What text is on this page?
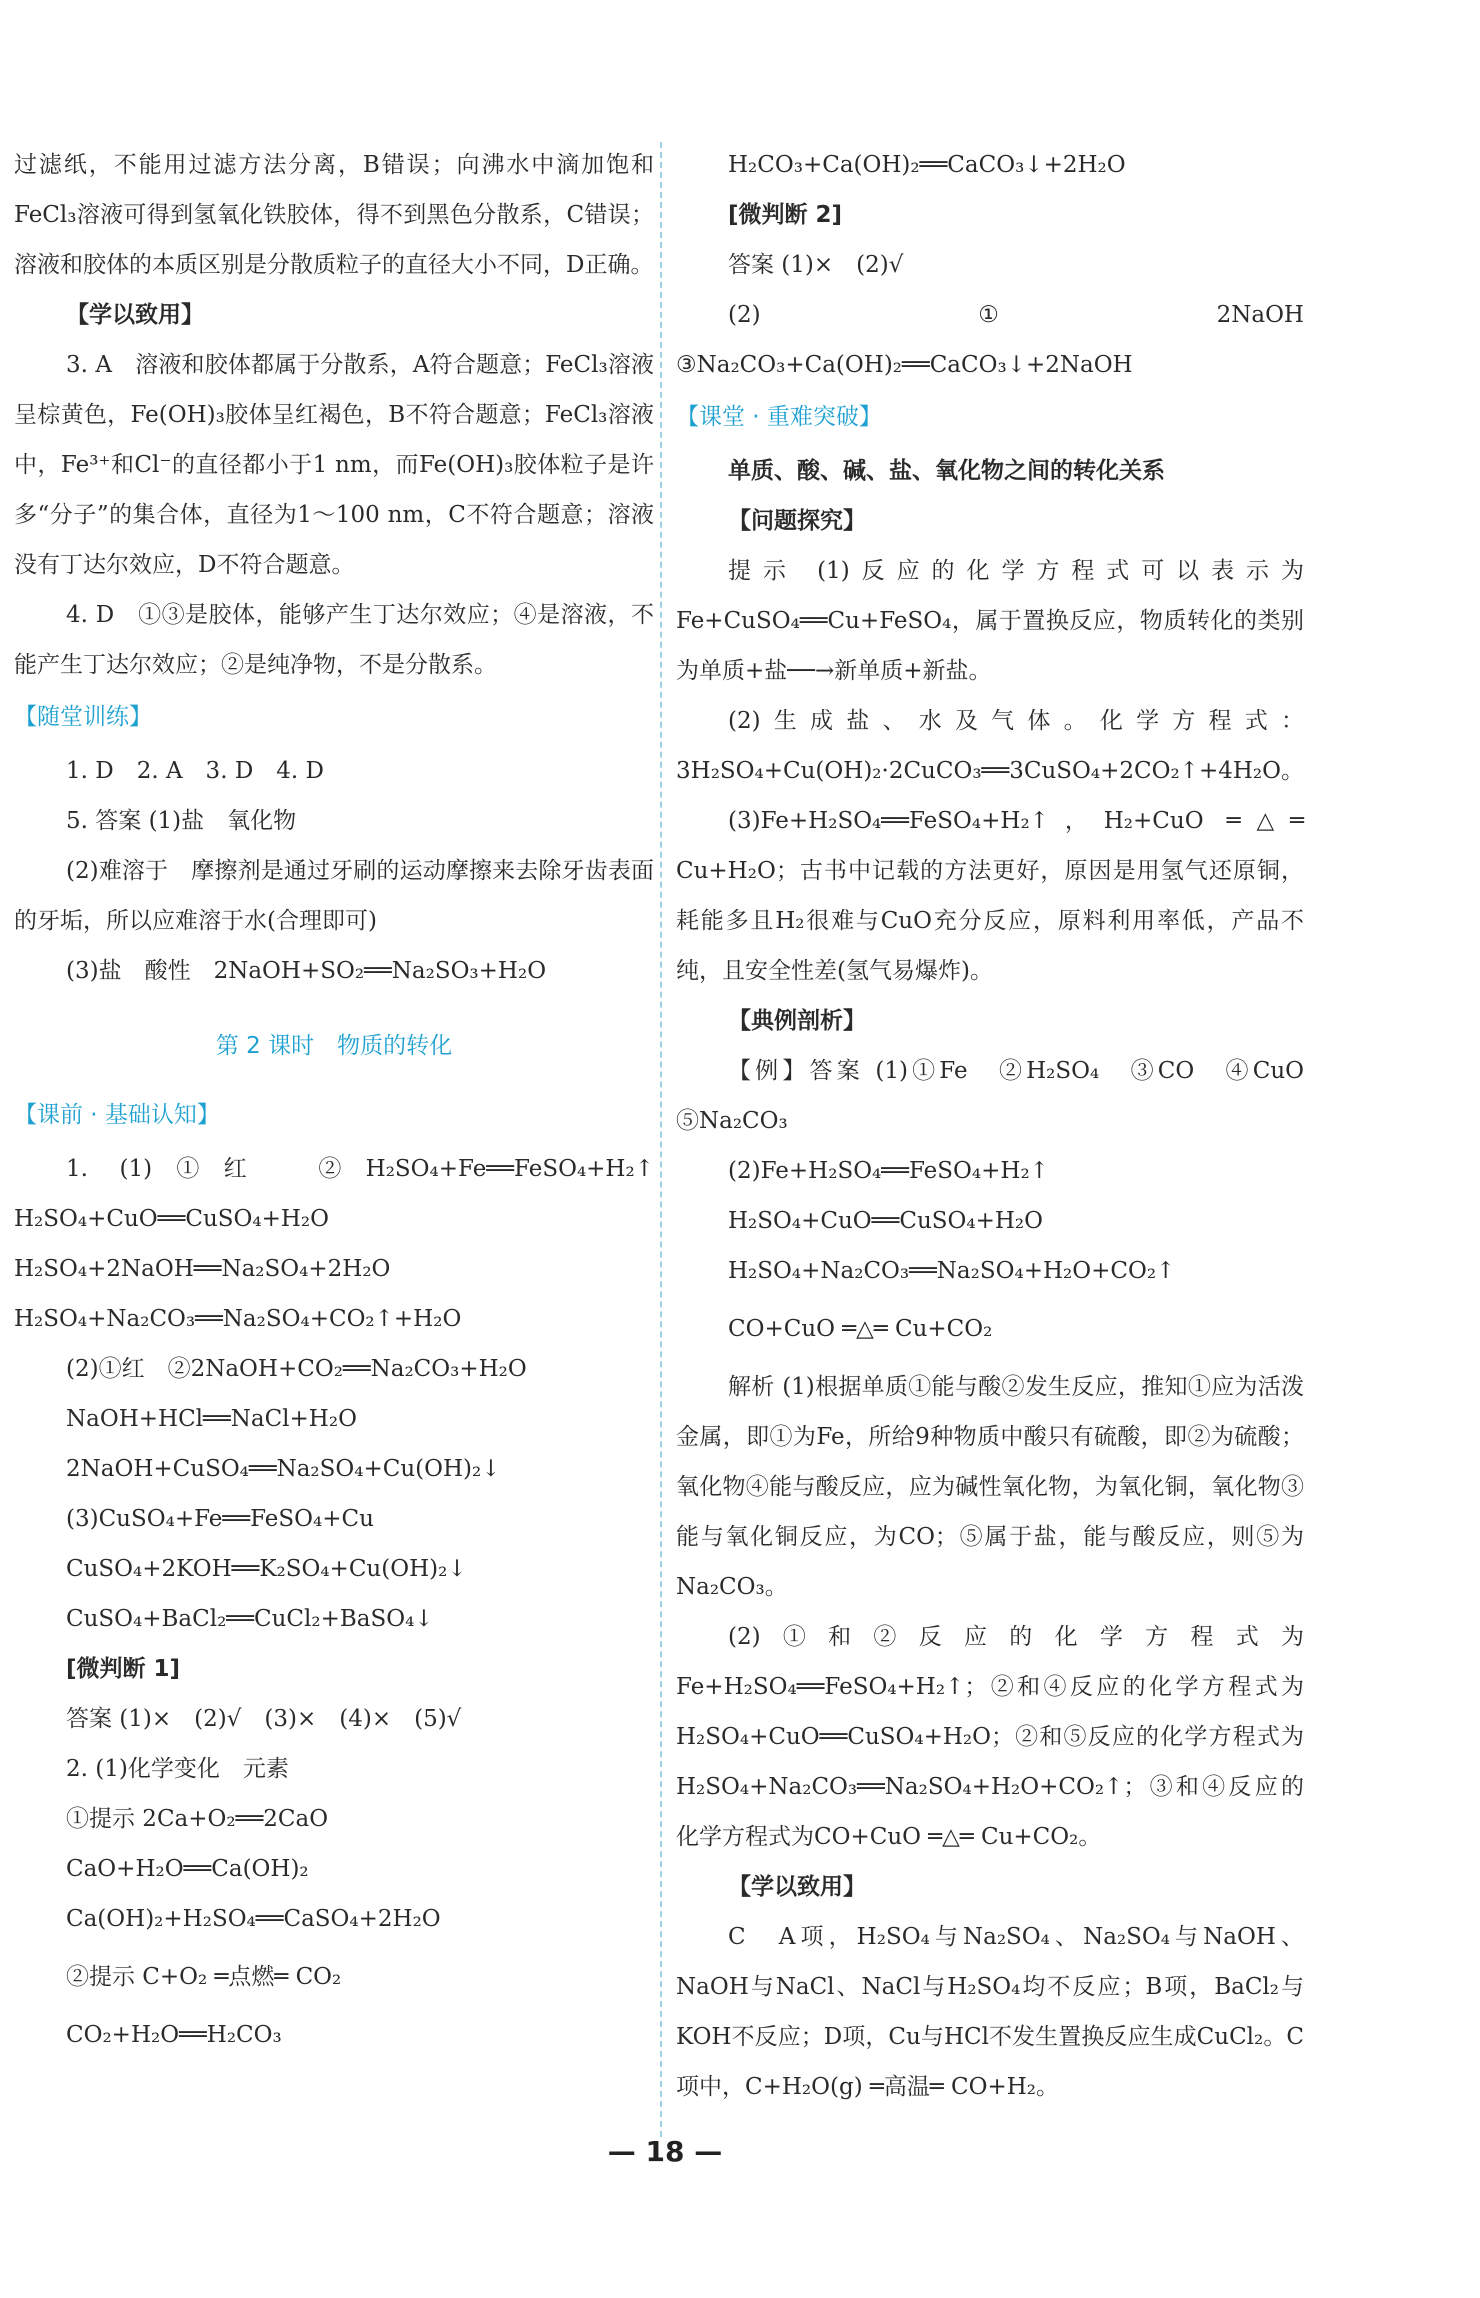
过滤纸，不能用过滤方法分离，B错误；向沸水中滴加饱和FeCl₃溶液可得到氢氧化铁胶体，得不到黑色分散系，C错误；溶液和胶体的本质区别是分散质粒子的直径大小不同，D正确。

【学以致用】

3. A　溶液和胶体都属于分散系，A符合题意；FeCl₃溶液呈棕黄色，Fe(OH)₃胶体呈红褐色，B不符合题意；FeCl₃溶液中，Fe³⁺和Cl⁻的直径都小于1 nm，而Fe(OH)₃胶体粒子是许多“分子”的集合体，直径为1～100 nm，C不符合题意；溶液没有丁达尔效应，D不符合题意。

4. D　①③是胶体，能够产生丁达尔效应；④是溶液，不能产生丁达尔效应；②是纯净物，不是分散系。

【随堂训练】

1. D　2. A　3. D　4. D

5. 答案 (1)盐　氧化物

(2)难溶于　摩擦剂是通过牙刷的运动摩擦来去除牙齿表面的牙垢，所以应难溶于水(合理即可)

(3)盐　酸性　2NaOH+SO₂══Na₂SO₃+H₂O

第 2 课时　物质的转化

【课前 · 基础认知】

1. (1)①红　②H₂SO₄+Fe══FeSO₄+H₂↑ H₂SO₄+CuO══CuSO₄+H₂O　H₂SO₄+2NaOH══Na₂SO₄+2H₂O　H₂SO₄+Na₂CO₃══Na₂SO₄+CO₂↑+H₂O

(2)①红　②2NaOH+CO₂══Na₂CO₃+H₂O

NaOH+HCl══NaCl+H₂O

2NaOH+CuSO₄══Na₂SO₄+Cu(OH)₂↓

(3)CuSO₄+Fe══FeSO₄+Cu

CuSO₄+2KOH══K₂SO₄+Cu(OH)₂↓

CuSO₄+BaCl₂══CuCl₂+BaSO₄↓

[微判断 1]

答案 (1)×　(2)√　(3)×　(4)×　(5)√

2. (1)化学变化　元素

①提示 2Ca+O₂══2CaO

CaO+H₂O══Ca(OH)₂

Ca(OH)₂+H₂SO₄══CaSO₄+2H₂O

②提示 C+O₂ ═点燃═ CO₂

CO₂+H₂O══H₂CO₃

H₂CO₃+Ca(OH)₂══CaCO₃↓+2H₂O

[微判断 2]

答案 (1)×　(2)√

(2)①2NaOH　③Na₂CO₃+Ca(OH)₂══CaCO₃↓+2NaOH

【课堂 · 重难突破】

单质、酸、碱、盐、氧化物之间的转化关系

【问题探究】

提示 (1)反应的化学方程式可以表示为Fe+CuSO₄══Cu+FeSO₄，属于置换反应，物质转化的类别为单质+盐──→新单质+新盐。

(2)生成盐、水及气体。化学方程式：3H₂SO₄+Cu(OH)₂·2CuCO₃══3CuSO₄+2CO₂↑+4H₂O。

(3)Fe+H₂SO₄══FeSO₄+H₂↑，H₂+CuO ═△═ Cu+H₂O；古书中记载的方法更好，原因是用氢气还原铜，耗能多且H₂很难与CuO充分反应，原料利用率低，产品不纯，且安全性差(氢气易爆炸)。

【典例剖析】

【例】答案 (1)①Fe　②H₂SO₄　③CO　④CuO　⑤Na₂CO₃

(2)Fe+H₂SO₄══FeSO₄+H₂↑

H₂SO₄+CuO══CuSO₄+H₂O

H₂SO₄+Na₂CO₃══Na₂SO₄+H₂O+CO₂↑

CO+CuO ═△═ Cu+CO₂

解析 (1)根据单质①能与酸②发生反应，推知①应为活泼金属，即①为Fe，所给9种物质中酸只有硫酸，即②为硫酸；氧化物④能与酸反应，应为碱性氧化物，为氧化铜，氧化物③能与氧化铜反应，为CO；⑤属于盐，能与酸反应，则⑤为Na₂CO₃。

(2)①和②反应的化学方程式为Fe+H₂SO₄══FeSO₄+H₂↑；②和④反应的化学方程式为H₂SO₄+CuO══CuSO₄+H₂O；②和⑤反应的化学方程式为H₂SO₄+Na₂CO₃══Na₂SO₄+H₂O+CO₂↑；③和④反应的化学方程式为CO+CuO ═△═ Cu+CO₂。

【学以致用】

C　A项，H₂SO₄与Na₂SO₄、Na₂SO₄与NaOH、NaOH与NaCl、NaCl与H₂SO₄均不反应；B项，BaCl₂与KOH不反应；D项，Cu与HCl不发生置换反应生成CuCl₂。C项中，C+H₂O(g) ═高温═ CO+H₂。

— 18 —
